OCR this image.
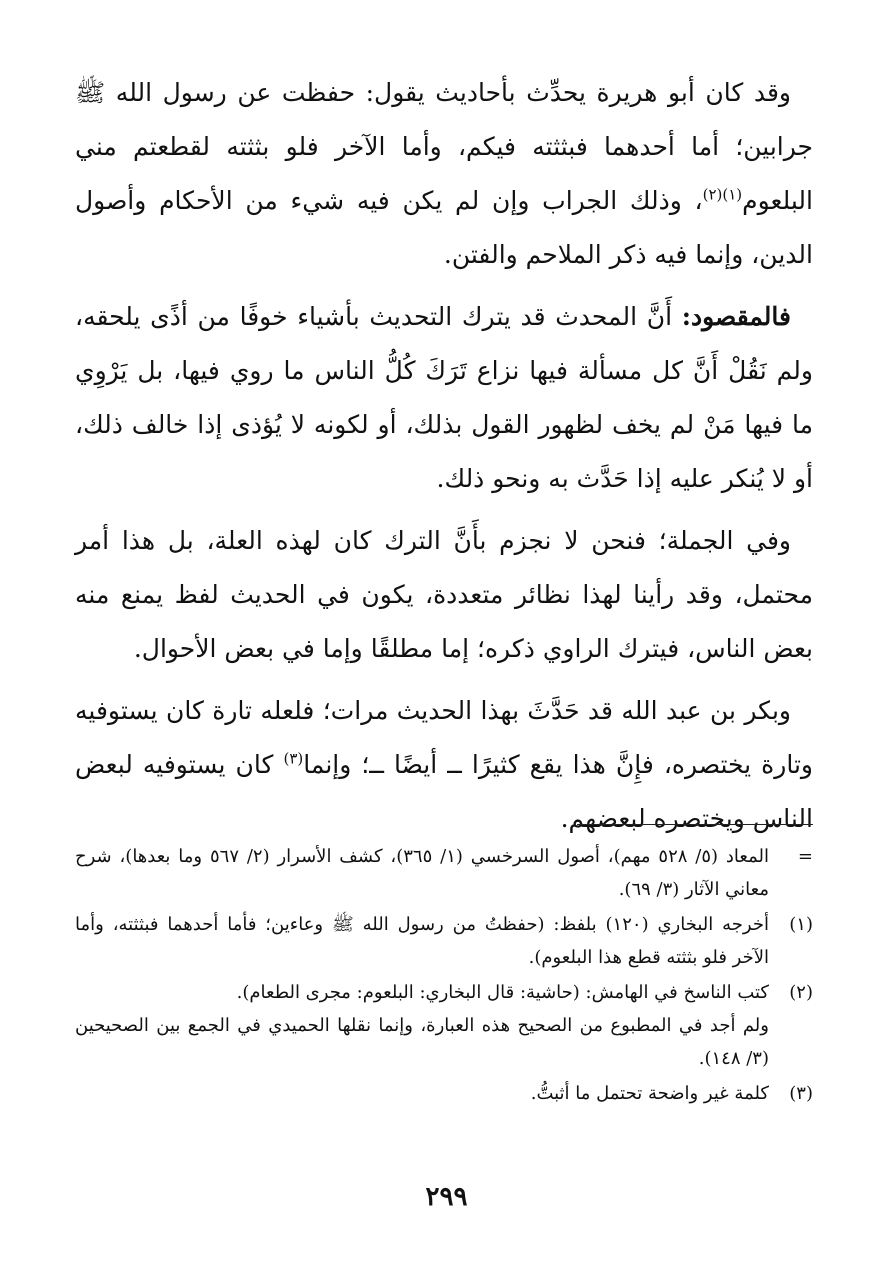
وقد كان أبو هريرة يحدِّث بأحاديث يقول: حفظت عن رسول الله ﷺ جرابين؛ أما أحدهما فبثثته فيكم، وأما الآخر فلو بثثته لقطعتم مني البلعوم$^{(١)(٢)}$، وذلك الجراب وإن لم يكن فيه شيء من الأحكام وأصول الدين، وإنما فيه ذكر الملاحم والفتن.

فالمقصود: أَنَّ المحدث قد يترك التحديث بأشياء خوفًا من أذًى يلحقه، ولم نَقُلْ أَنَّ كل مسألة فيها نزاع تَرَكَ كُلُّ الناس ما روي فيها، بل يَرْوِي ما فيها مَنْ لم يخف لظهور القول بذلك، أو لكونه لا يُؤذى إذا خالف ذلك، أو لا يُنكر عليه إذا حَدَّث به ونحو ذلك.

وفي الجملة؛ فنحن لا نجزم بأَنَّ الترك كان لهذه العلة، بل هذا أمر محتمل، وقد رأينا لهذا نظائر متعددة، يكون في الحديث لفظ يمنع منه بعض الناس، فيترك الراوي ذكره؛ إما مطلقًا وإما في بعض الأحوال.

وبكر بن عبد الله قد حَدَّثَ بهذا الحديث مرات؛ فلعله تارة كان يستوفيه وتارة يختصره، فإِنَّ هذا يقع كثيرًا ــ أيضًا ــ؛ وإنما$^{(٣)}$ كان يستوفيه لبعض الناس ويختصره لبعضهم.

=
المعاد (٥/ ٥٢٨ مهم)، أصول السرخسي (١/ ٣٦٥)، كشف الأسرار (٢/ ٥٦٧ وما بعدها)، شرح معاني الآثار (٣/ ٦٩).
(١)
أخرجه البخاري (١٢٠) بلفظ: (حفظتُ من رسول الله ﷺ وعاءين؛ فأما أحدهما فبثثته، وأما الآخر فلو بثثته قطع هذا البلعوم).
(٢)

كتب الناسخ في الهامش: (حاشية: قال البخاري: البلعوم: مجرى الطعام).

ولم أجد في المطبوع من الصحيح هذه العبارة، وإنما نقلها الحميدي في الجمع بين الصحيحين (٣/ ١٤٨).

(٣)
كلمة غير واضحة تحتمل ما أثبتُّ.
٢٩٩
